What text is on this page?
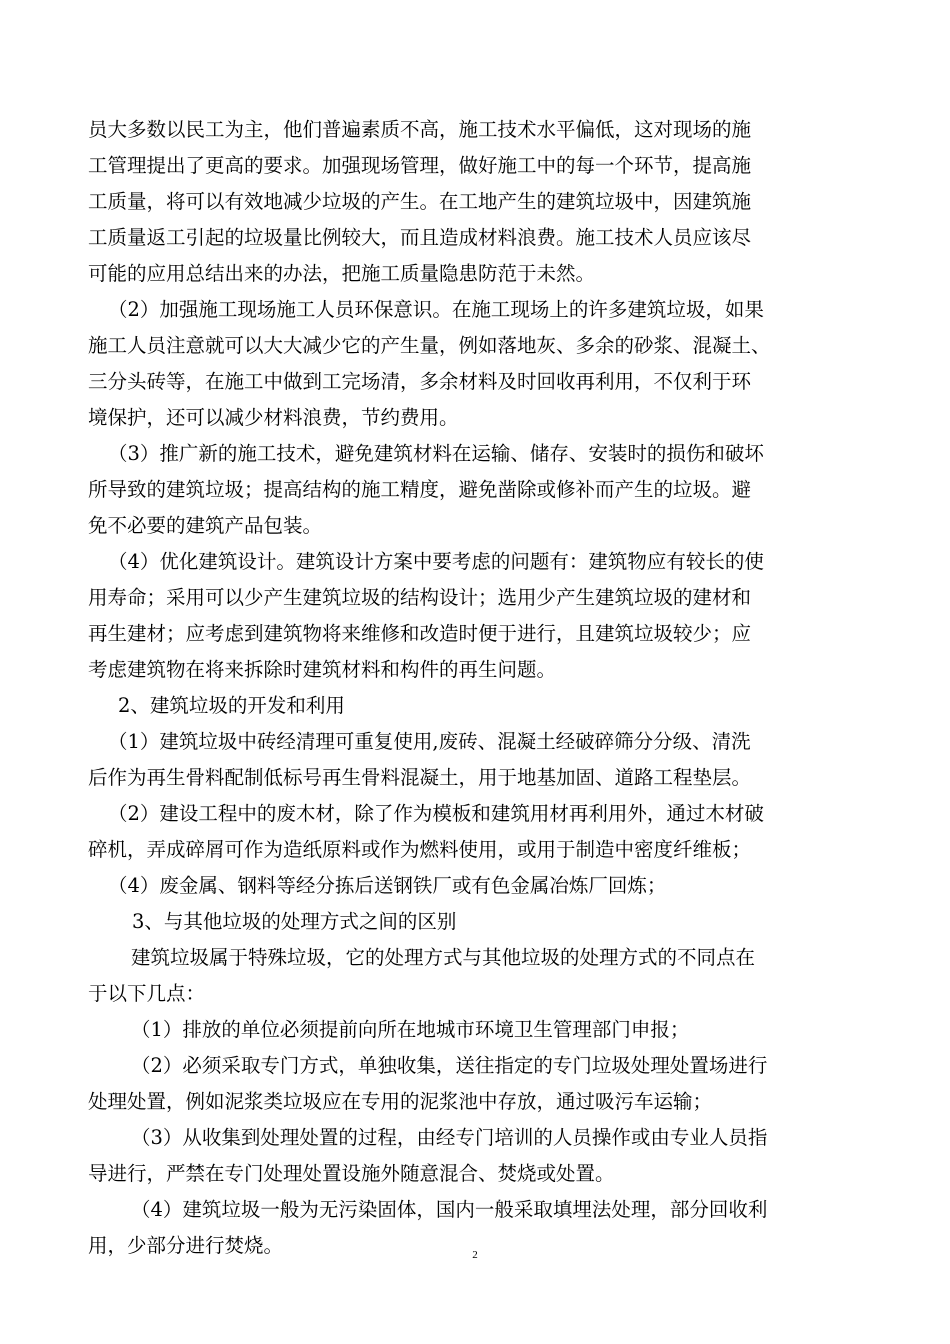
员大多数以民工为主，他们普遍素质不高，施工技术水平偏低，这对现场的施
工管理提出了更高的要求。加强现场管理，做好施工中的每一个环节，提高施
工质量，将可以有效地减少垃圾的产生。在工地产生的建筑垃圾中，因建筑施
工质量返工引起的垃圾量比例较大，而且造成材料浪费。施工技术人员应该尽
可能的应用总结出来的办法，把施工质量隐患防范于未然。
（2）加强施工现场施工人员环保意识。在施工现场上的许多建筑垃圾，如果
施工人员注意就可以大大减少它的产生量，例如落地灰、多余的砂浆、混凝土、
三分头砖等，在施工中做到工完场清，多余材料及时回收再利用，不仅利于环
境保护，还可以减少材料浪费，节约费用。
（3）推广新的施工技术，避免建筑材料在运输、储存、安装时的损伤和破坏
所导致的建筑垃圾；提高结构的施工精度，避免凿除或修补而产生的垃圾。避
免不必要的建筑产品包装。
（4）优化建筑设计。建筑设计方案中要考虑的问题有：建筑物应有较长的使
用寿命；采用可以少产生建筑垃圾的结构设计；选用少产生建筑垃圾的建材和
再生建材；应考虑到建筑物将来维修和改造时便于进行，且建筑垃圾较少；应
考虑建筑物在将来拆除时建筑材料和构件的再生问题。
2、建筑垃圾的开发和利用
（1）建筑垃圾中砖经清理可重复使用,废砖、混凝土经破碎筛分分级、清洗
后作为再生骨料配制低标号再生骨料混凝土，用于地基加固、道路工程垫层。
（2）建设工程中的废木材，除了作为模板和建筑用材再利用外，通过木材破
碎机，弄成碎屑可作为造纸原料或作为燃料使用，或用于制造中密度纤维板；
（4）废金属、钢料等经分拣后送钢铁厂或有色金属冶炼厂回炼；
3、与其他垃圾的处理方式之间的区别
建筑垃圾属于特殊垃圾，它的处理方式与其他垃圾的处理方式的不同点在
于以下几点：
（1）排放的单位必须提前向所在地城市环境卫生管理部门申报；
（2）必须采取专门方式，单独收集，送往指定的专门垃圾处理处置场进行
处理处置，例如泥浆类垃圾应在专用的泥浆池中存放，通过吸污车运输；
（3）从收集到处理处置的过程，由经专门培训的人员操作或由专业人员指
导进行，严禁在专门处理处置设施外随意混合、焚烧或处置。
（4）建筑垃圾一般为无污染固体，国内一般采取填埋法处理，部分回收利
用，少部分进行焚烧。	2
